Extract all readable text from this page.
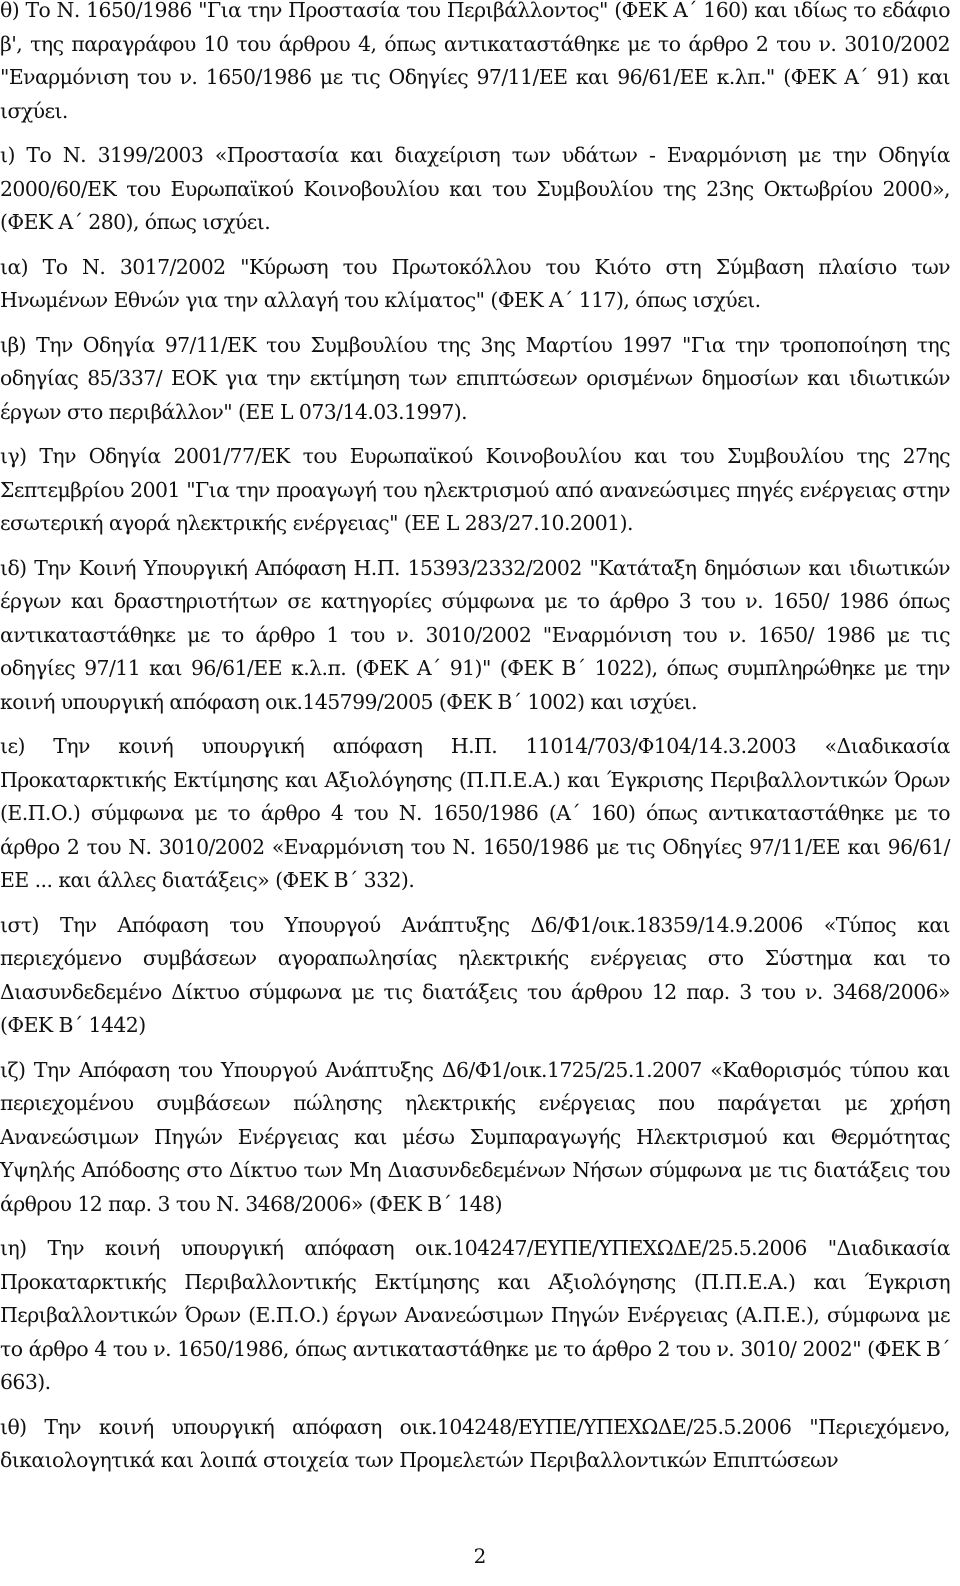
θ) Το Ν. 1650/1986 "Για την Προστασία του Περιβάλλοντος" (ΦΕΚ Α΄ 160) και ιδίως το εδάφιο β', της παραγράφου 10 του άρθρου 4, όπως αντικαταστάθηκε με το άρθρο 2 του ν. 3010/2002 "Εναρμόνιση του ν. 1650/1986 με τις Οδηγίες 97/11/ΕΕ και 96/61/ΕΕ κ.λπ." (ΦΕΚ Α΄ 91) και ισχύει.

ι) Το Ν. 3199/2003 «Προστασία και διαχείριση των υδάτων - Εναρμόνιση με την Οδηγία 2000/60/ΕΚ του Ευρωπαϊκού Κοινοβουλίου και του Συμβουλίου της 23ης Οκτωβρίου 2000», (ΦΕΚ Α΄ 280), όπως ισχύει.

ια) Το Ν. 3017/2002 "Κύρωση του Πρωτοκόλλου του Κιότο στη Σύμβαση πλαίσιο των Ηνωμένων Εθνών για την αλλαγή του κλίματος" (ΦΕΚ Α΄ 117), όπως ισχύει.

ιβ) Την Οδηγία 97/11/ΕΚ του Συμβουλίου της 3ης Μαρτίου 1997 "Για την τροποποίηση της οδηγίας 85/337/ ΕΟΚ για την εκτίμηση των επιπτώσεων ορισμένων δημοσίων και ιδιωτικών έργων στο περιβάλλον" (ΕΕ L 073/14.03.1997).

ιγ) Την Οδηγία 2001/77/ΕΚ του Ευρωπαϊκού Κοινοβουλίου και του Συμβουλίου της 27ης Σεπτεμβρίου 2001 "Για την προαγωγή του ηλεκτρισμού από ανανεώσιμες πηγές ενέργειας στην εσωτερική αγορά ηλεκτρικής ενέργειας" (ΕΕ L 283/27.10.2001).

ιδ) Την Κοινή Υπουργική Απόφαση Η.Π. 15393/2332/2002 "Κατάταξη δημόσιων και ιδιωτικών έργων και δραστηριοτήτων σε κατηγορίες σύμφωνα με το άρθρο 3 του ν. 1650/ 1986 όπως αντικαταστάθηκε με το άρθρο 1 του ν. 3010/2002 "Εναρμόνιση του ν. 1650/ 1986 με τις οδηγίες 97/11 και 96/61/ΕΕ κ.λ.π. (ΦΕΚ Α΄ 91)" (ΦΕΚ Β΄ 1022), όπως συμπληρώθηκε με την κοινή υπουργική απόφαση οικ.145799/2005 (ΦΕΚ Β΄ 1002) και ισχύει.

ιε) Την κοινή υπουργική απόφαση Η.Π. 11014/703/Φ104/14.3.2003 «Διαδικασία Προκαταρκτικής Εκτίμησης και Αξιολόγησης (Π.Π.Ε.Α.) και Έγκρισης Περιβαλλοντικών Όρων (Ε.Π.Ο.) σύμφωνα με το άρθρο 4 του Ν. 1650/1986 (Α΄ 160) όπως αντικαταστάθηκε με το άρθρο 2 του Ν. 3010/2002 «Εναρμόνιση του Ν. 1650/1986 με τις Οδηγίες 97/11/ΕΕ και 96/61/ΕΕ ... και άλλες διατάξεις» (ΦΕΚ Β΄ 332).

ιστ) Την Απόφαση του Υπουργού Ανάπτυξης Δ6/Φ1/οικ.18359/14.9.2006 «Τύπος και περιεχόμενο συμβάσεων αγοραπωλησίας ηλεκτρικής ενέργειας στο Σύστημα και το Διασυνδεδεμένο Δίκτυο σύμφωνα με τις διατάξεις του άρθρου 12 παρ. 3 του ν. 3468/2006» (ΦΕΚ Β΄ 1442)

ιζ) Την Απόφαση του Υπουργού Ανάπτυξης Δ6/Φ1/οικ.1725/25.1.2007 «Καθορισμός τύπου και περιεχομένου συμβάσεων πώλησης ηλεκτρικής ενέργειας που παράγεται με χρήση Ανανεώσιμων Πηγών Ενέργειας και μέσω Συμπαραγωγής Ηλεκτρισμού και Θερμότητας Υψηλής Απόδοσης στο Δίκτυο των Μη Διασυνδεδεμένων Νήσων σύμφωνα με τις διατάξεις του άρθρου 12 παρ. 3 του Ν. 3468/2006» (ΦΕΚ Β΄ 148)

ιη) Την κοινή υπουργική απόφαση οικ.104247/ΕΥΠΕ/ΥΠΕΧΩΔΕ/25.5.2006 "Διαδικασία Προκαταρκτικής Περιβαλλοντικής Εκτίμησης και Αξιολόγησης (Π.Π.Ε.Α.) και Έγκριση Περιβαλλοντικών Όρων (Ε.Π.Ο.) έργων Ανανεώσιμων Πηγών Ενέργειας (Α.Π.Ε.), σύμφωνα με το άρθρο 4 του ν. 1650/1986, όπως αντικαταστάθηκε με το άρθρο 2 του ν. 3010/ 2002" (ΦΕΚ Β΄ 663).

ιθ) Την κοινή υπουργική απόφαση οικ.104248/ΕΥΠΕ/ΥΠΕΧΩΔΕ/25.5.2006 "Περιεχόμενο, δικαιολογητικά και λοιπά στοιχεία των Προμελετών Περιβαλλοντικών Επιπτώσεων

2
